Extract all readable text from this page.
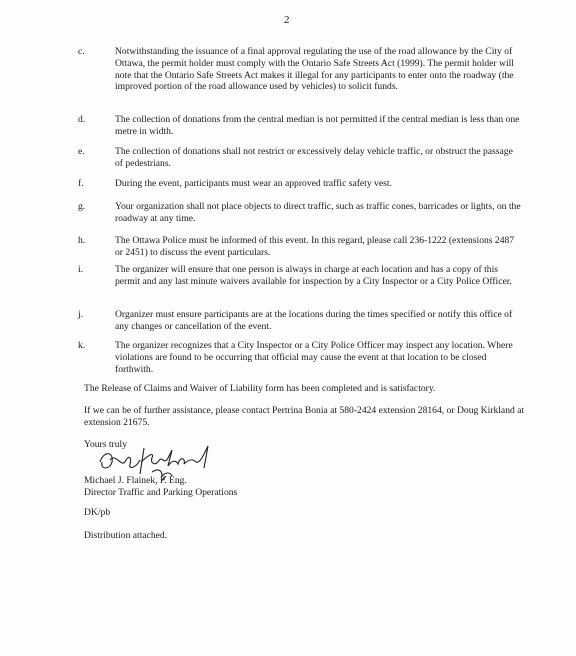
2
c.	Notwithstanding the issuance of a final approval regulating the use of the road allowance by the City of Ottawa, the permit holder must comply with the Ontario Safe Streets Act (1999). The permit holder will note that the Ontario Safe Streets Act makes it illegal for any participants to enter onto the roadway (the improved portion of the road allowance used by vehicles) to solicit funds.
d.	The collection of donations from the central median is not permitted if the central median is less than one metre in width.
e.	The collection of donations shall not restrict or excessively delay vehicle traffic, or obstruct the passage of pedestrians.
f.	During the event, participants must wear an approved traffic safety vest.
g.	Your organization shall not place objects to direct traffic, such as traffic cones, barricades or lights, on the roadway at any time.
h.	The Ottawa Police must be informed of this event. In this regard, please call 236-1222 (extensions 2487 or 2451) to discuss the event particulars.
i.	The organizer will ensure that one person is always in charge at each location and has a copy of this permit and any last minute waivers available for inspection by a City Inspector or a City Police Officer.
j.	Organizer must ensure participants are at the locations during the times specified or notify this office of any changes or cancellation of the event.
k.	The organizer recognizes that a City Inspector or a City Police Officer may inspect any location. Where violations are found to be occurring that official may cause the event at that location to be closed forthwith.
The Release of Claims and Waiver of Liability form has been completed and is satisfactory.
If we can be of further assistance, please contact Pertrina Bonia at 580-2424 extension 28164, or Doug Kirkland at extension 21675.
Yours truly
Michael J. Flainek, P. Eng.
Director Traffic and Parking Operations
DK/pb
Distribution attached.
